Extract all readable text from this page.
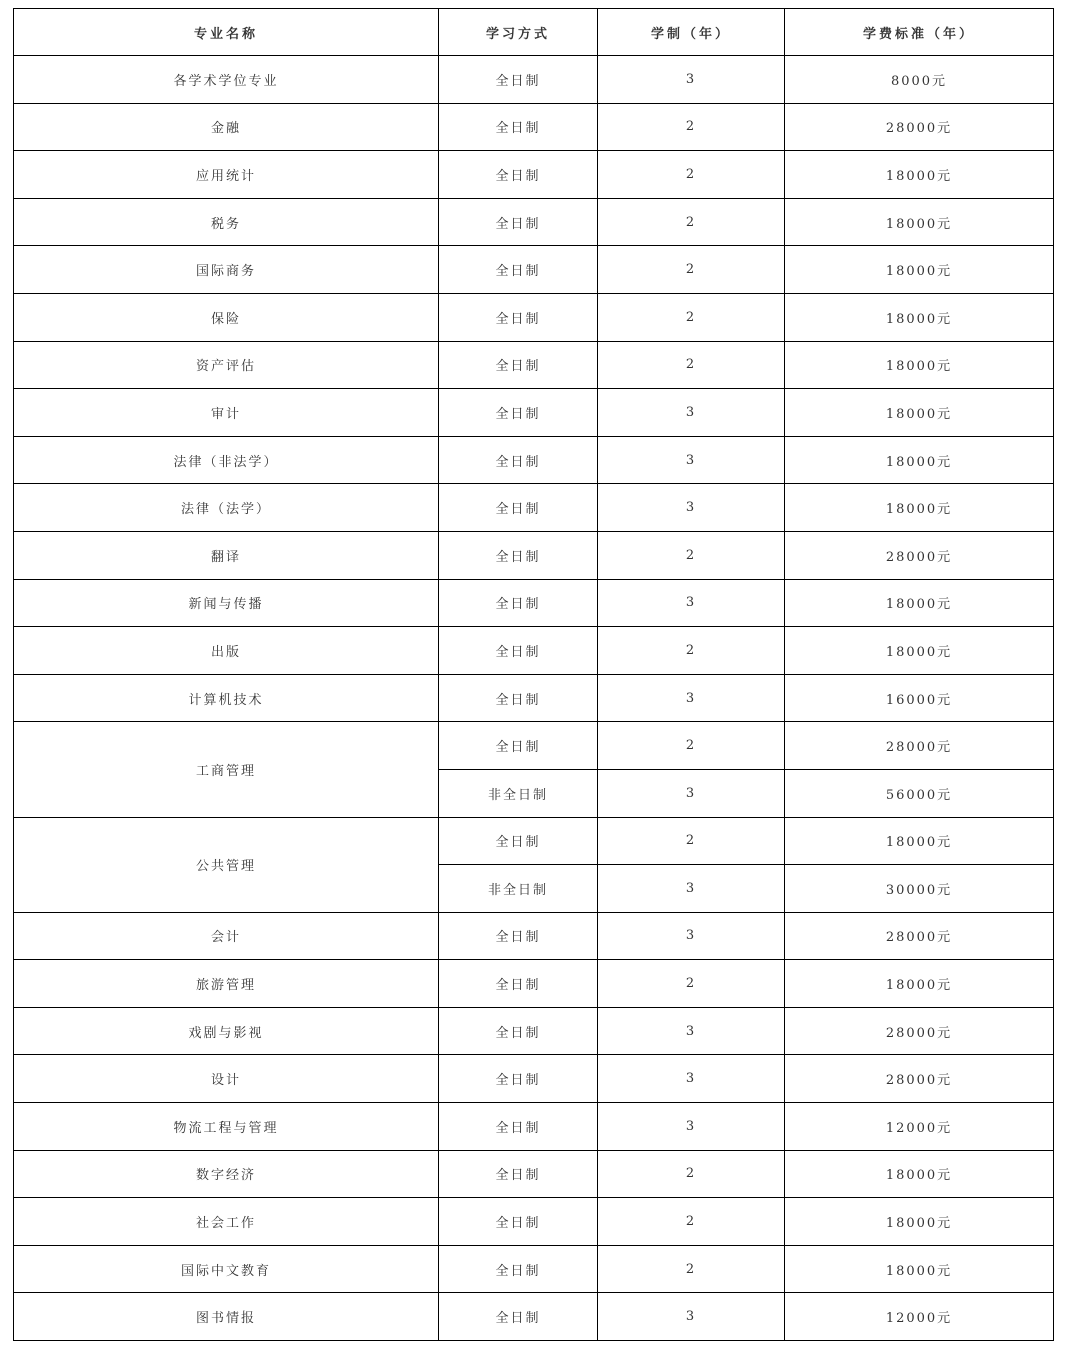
专业名称	学习方式	学制（年）	学费标准（年）
各学术学位专业	全日制	3	8000元
金融	全日制	2	28000元
应用统计	全日制	2	18000元
税务	全日制	2	18000元
国际商务	全日制	2	18000元
保险	全日制	2	18000元
资产评估	全日制	2	18000元
审计	全日制	3	18000元
法律（非法学）	全日制	3	18000元
法律（法学）	全日制	3	18000元
翻译	全日制	2	28000元
新闻与传播	全日制	3	18000元
出版	全日制	2	18000元
计算机技术	全日制	3	16000元
工商管理	全日制	2	28000元
	非全日制	3	56000元
公共管理	全日制	2	18000元
	非全日制	3	30000元
会计	全日制	3	28000元
旅游管理	全日制	2	18000元
戏剧与影视	全日制	3	28000元
设计	全日制	3	28000元
物流工程与管理	全日制	3	12000元
数字经济	全日制	2	18000元
社会工作	全日制	2	18000元
国际中文教育	全日制	2	18000元
图书情报	全日制	3	12000元
